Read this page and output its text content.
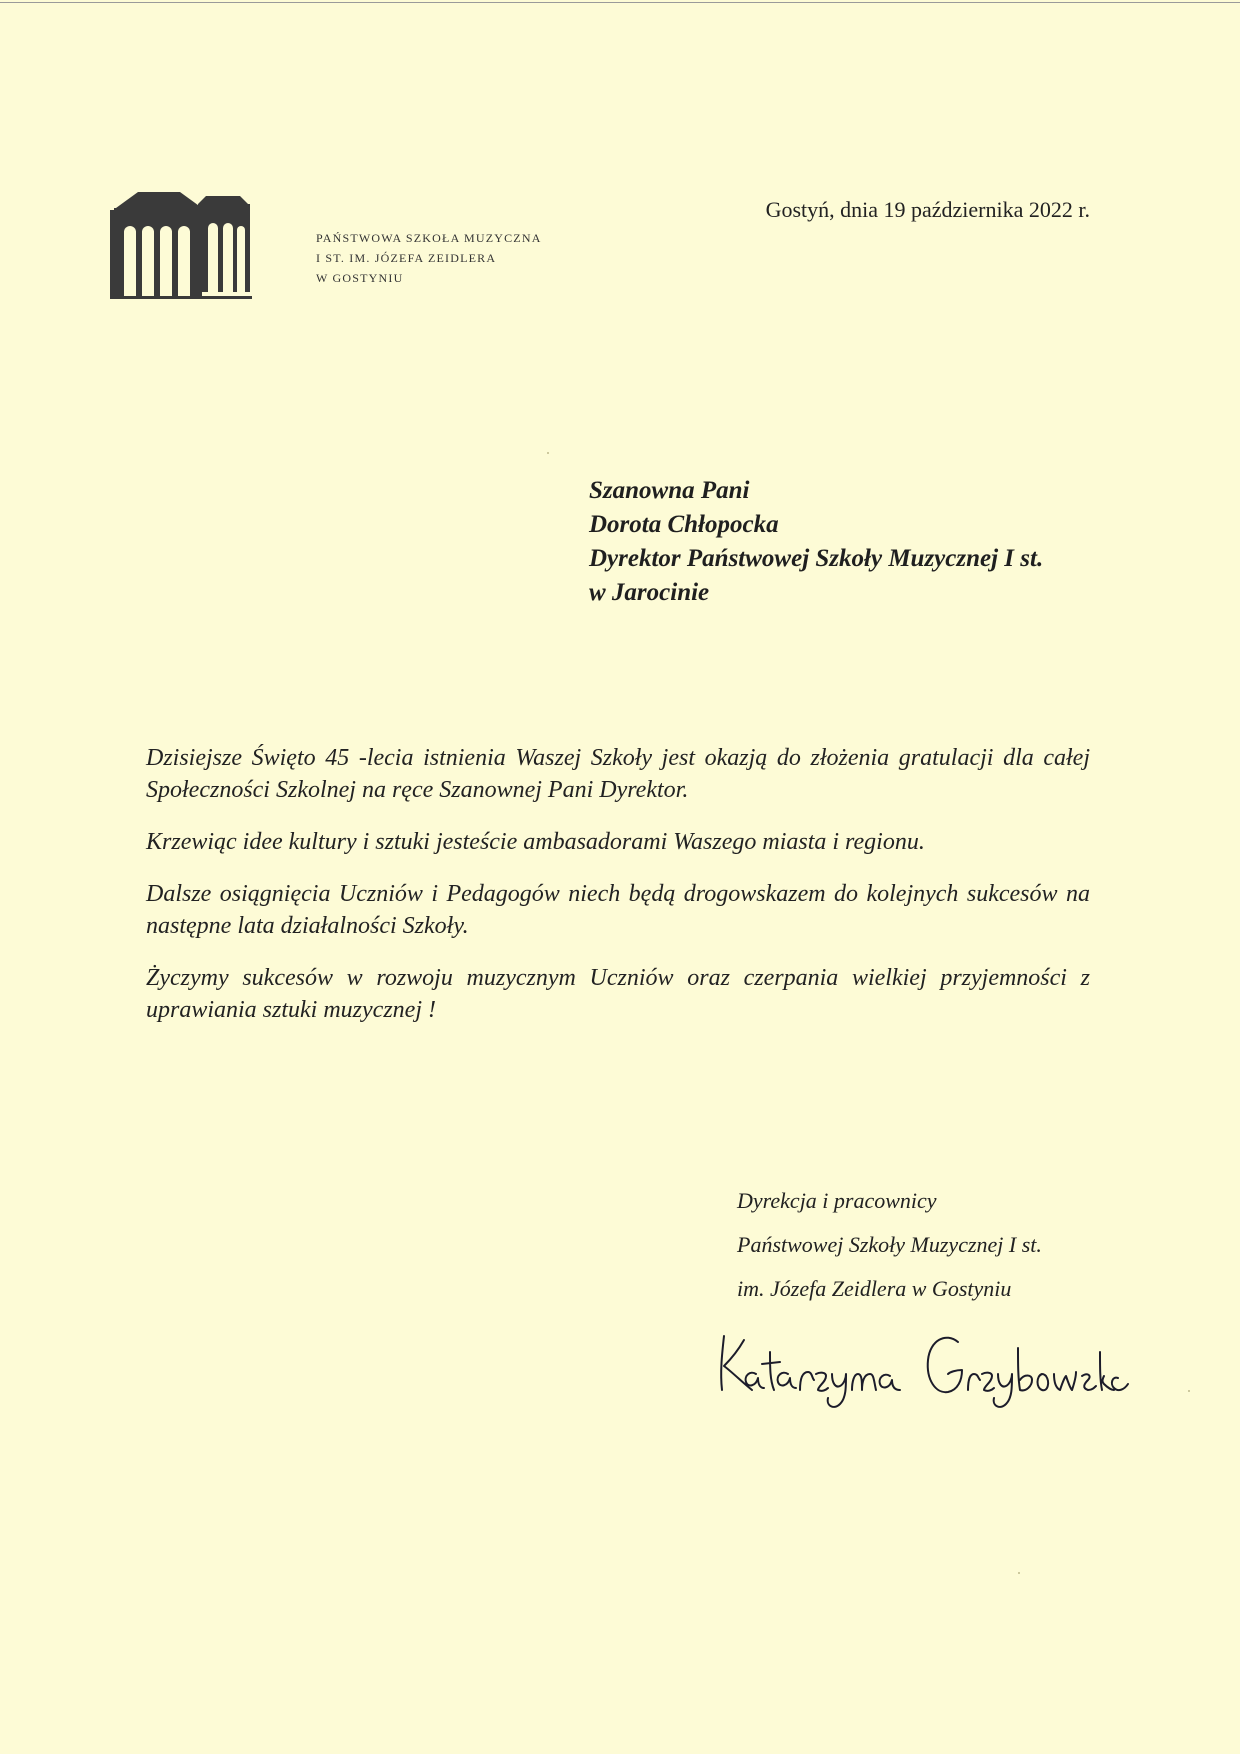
PAŃSTWOWA SZKOŁA MUZYCZNA
I ST. IM. JÓZEFA ZEIDLERA
W GOSTYNIU
Gostyń, dnia 19 października 2022 r.
Szanowna Pani
Dorota Chłopocka
Dyrektor Państwowej Szkoły Muzycznej I st.
w Jarocinie

Dzisiejsze Święto 45 -lecia istnienia Waszej Szkoły jest okazją do złożenia gratulacji dla całej Społeczności Szkolnej na ręce Szanownej Pani Dyrektor.

Krzewiąc idee kultury i sztuki jesteście ambasadorami Waszego miasta i regionu.

Dalsze osiągnięcia Uczniów i Pedagogów niech będą drogowskazem do kolejnych sukcesów na następne lata działalności Szkoły.

Życzymy sukcesów w rozwoju muzycznym Uczniów oraz czerpania wielkiej przyjemności z uprawiania sztuki muzycznej !

Dyrekcja i pracownicy
Państwowej Szkoły Muzycznej I st.
im. Józefa Zeidlera w Gostyniu
